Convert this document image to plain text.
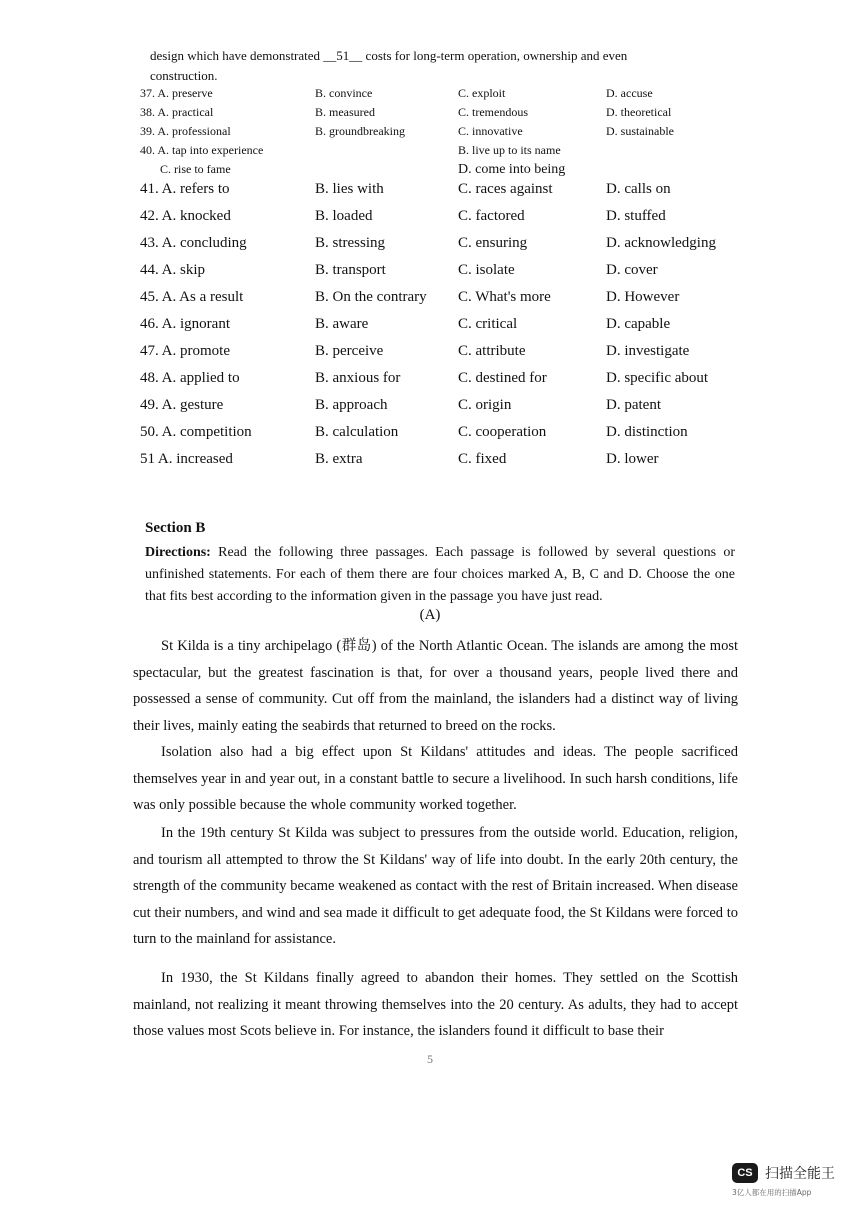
design which have demonstrated __51__ costs for long-term operation, ownership and even
construction.
37. A. preserve	B. convince	C. exploit	D. accuse
38. A. practical	B. measured	C. tremendous	D. theoretical
39. A. professional	B. groundbreaking	C. innovative	D. sustainable
40. A. tap into experience		B. live up to its name	
C. rise to fame		D. come into being	
41. A. refers to	B. lies with	C. races against	D. calls on
42. A. knocked	B. loaded	C. factored	D. stuffed
43. A. concluding	B. stressing	C. ensuring	D. acknowledging
44. A. skip	B. transport	C. isolate	D. cover
45. A. As a result	B. On the contrary	C. What's more	D. However
46. A. ignorant	B. aware	C. critical	D. capable
47. A. promote	B. perceive	C. attribute	D. investigate
48. A. applied to	B. anxious for	C. destined for	D. specific about
49. A. gesture	B. approach	C. origin	D. patent
50. A. competition	B. calculation	C. cooperation	D. distinction
51 A. increased	B. extra	C. fixed	D. lower
Section B
Directions: Read the following three passages. Each passage is followed by several questions or unfinished statements. For each of them there are four choices marked A, B, C and D. Choose the one that fits best according to the information given in the passage you have just read.
(A)

St Kilda is a tiny archipelago (群岛) of the North Atlantic Ocean. The islands are among the most spectacular, but the greatest fascination is that, for over a thousand years, people lived there and possessed a sense of community. Cut off from the mainland, the islanders had a distinct way of living their lives, mainly eating the seabirds that returned to breed on the rocks.

Isolation also had a big effect upon St Kildans' attitudes and ideas. The people sacrificed themselves year in and year out, in a constant battle to secure a livelihood. In such harsh conditions, life was only possible because the whole community worked together.

In the 19th century St Kilda was subject to pressures from the outside world. Education, religion, and tourism all attempted to throw the St Kildans' way of life into doubt. In the early 20th century, the strength of the community became weakened as contact with the rest of Britain increased. When disease cut their numbers, and wind and sea made it difficult to get adequate food, the St Kildans were forced to turn to the mainland for assistance.

In 1930, the St Kildans finally agreed to abandon their homes. They settled on the Scottish mainland, not realizing it meant throwing themselves into the 20 century. As adults, they had to accept those values most Scots believe in. For instance, the islanders found it difficult to base their

5
CS 扫描全能王
3亿人都在用的扫描App
